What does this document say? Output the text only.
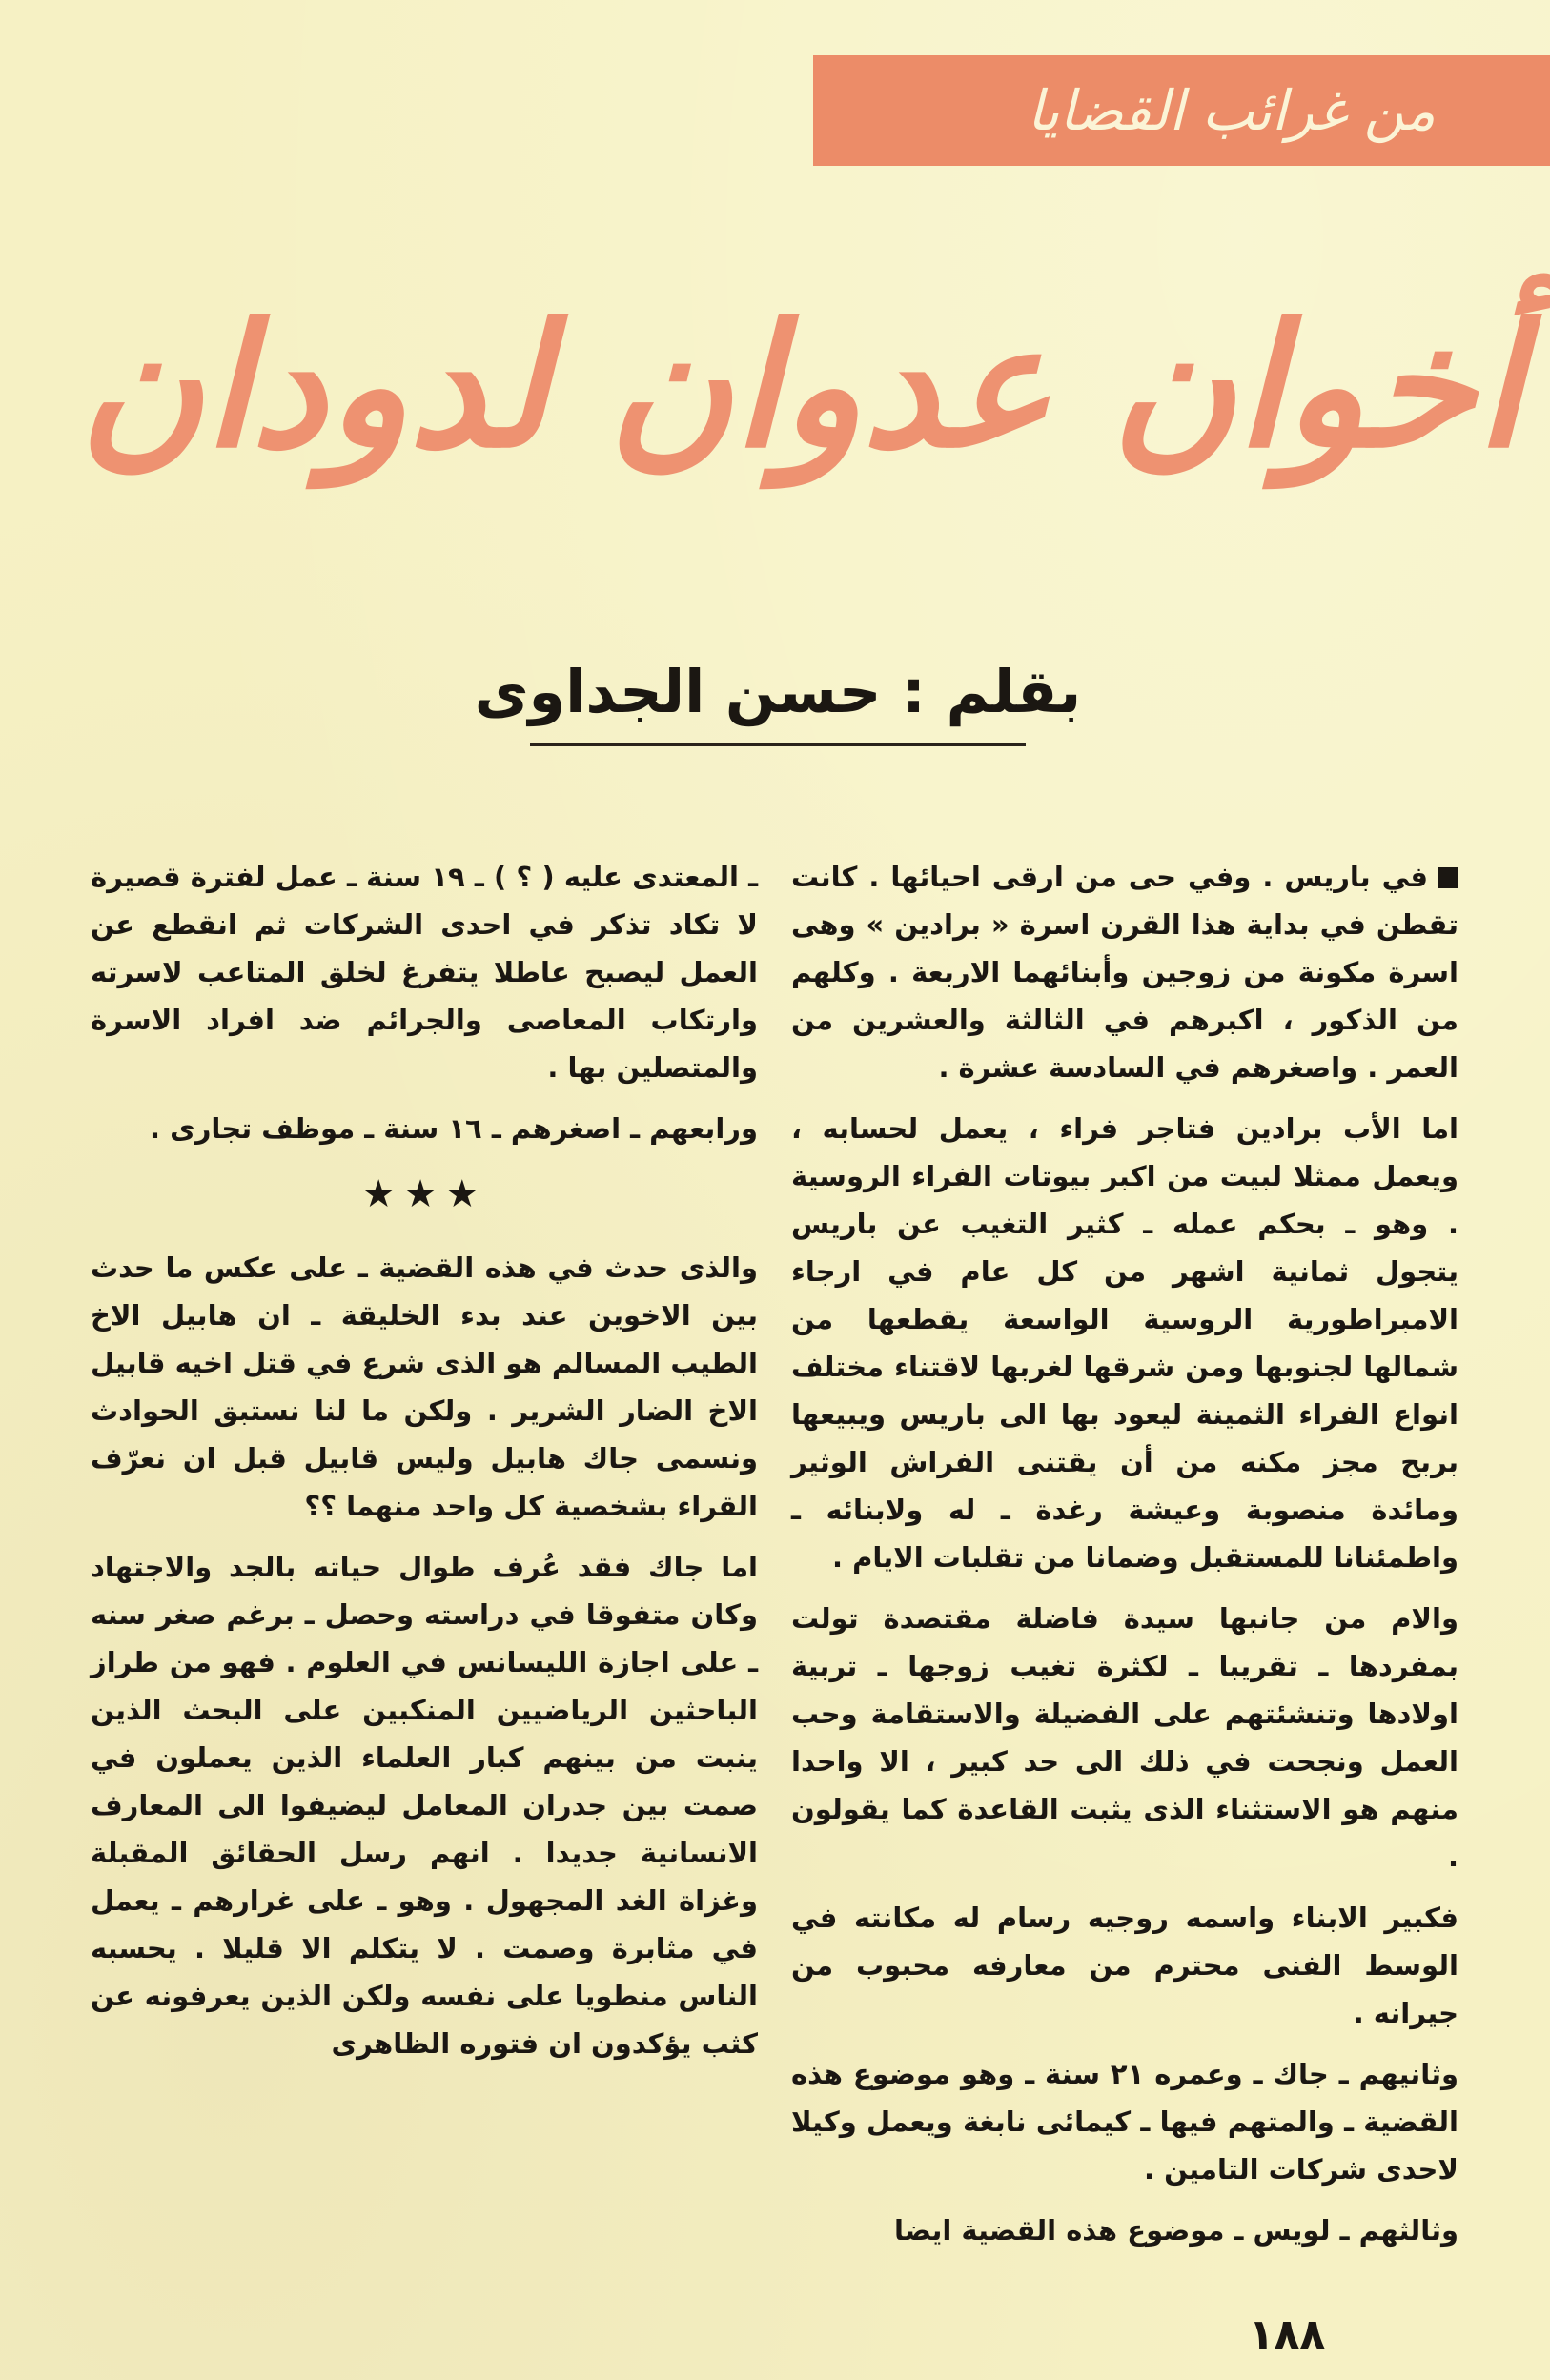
من غرائب القضايا
أخوان عدوان لدودان
بقلم : حسن الجداوى

في باريس . وفي حى من ارقى احيائها . كانت تقطن في بداية هذا القرن اسرة « برادين » وهى اسرة مكونة من زوجين وأبنائهما الاربعة . وكلهم من الذكور ، اكبرهم في الثالثة والعشرين من العمر . واصغرهم في السادسة عشرة .

اما الأب برادين فتاجر فراء ، يعمل لحسابه ، ويعمل ممثلا لبيت من اكبر بيوتات الفراء الروسية . وهو ـ بحكم عمله ـ كثير التغيب عن باريس يتجول ثمانية اشهر من كل عام في ارجاء الامبراطورية الروسية الواسعة يقطعها من شمالها لجنوبها ومن شرقها لغربها لاقتناء مختلف انواع الفراء الثمينة ليعود بها الى باريس ويبيعها بربح مجز مكنه من أن يقتنى الفراش الوثير ومائدة منصوبة وعيشة رغدة ـ له ولابنائه ـ واطمئنانا للمستقبل وضمانا من تقلبات الايام .

والام من جانبها سيدة فاضلة مقتصدة تولت بمفردها ـ تقريبا ـ لكثرة تغيب زوجها ـ تربية اولادها وتنشئتهم على الفضيلة والاستقامة وحب العمل ونجحت في ذلك الى حد كبير ، الا واحدا منهم هو الاستثناء الذى يثبت القاعدة كما يقولون .

فكبير الابناء واسمه روجيه رسام له مكانته في الوسط الفنى محترم من معارفه محبوب من جيرانه .

وثانيهم ـ جاك ـ وعمره ٢١ سنة ـ وهو موضوع هذه القضية ـ والمتهم فيها ـ كيمائى نابغة ويعمل وكيلا لاحدى شركات التامين .

وثالثهم ـ لويس ـ موضوع هذه القضية ايضا

ـ المعتدى عليه ( ؟ ) ـ ١٩ سنة ـ عمل لفترة قصيرة لا تكاد تذكر في احدى الشركات ثم انقطع عن العمل ليصبح عاطلا يتفرغ لخلق المتاعب لاسرته وارتكاب المعاصى والجرائم ضد افراد الاسرة والمتصلين بها .

ورابعهم ـ اصغرهم ـ ١٦ سنة ـ موظف تجارى .

★★★

والذى حدث في هذه القضية ـ على عكس ما حدث بين الاخوين عند بدء الخليقة ـ ان هابيل الاخ الطيب المسالم هو الذى شرع في قتل اخيه قابيل الاخ الضار الشرير . ولكن ما لنا نستبق الحوادث ونسمى جاك هابيل وليس قابيل قبل ان نعرّف القراء بشخصية كل واحد منهما ؟؟

اما جاك فقد عُرف طوال حياته بالجد والاجتهاد وكان متفوقا في دراسته وحصل ـ برغم صغر سنه ـ على اجازة الليسانس في العلوم . فهو من طراز الباحثين الرياضيين المنكبين على البحث الذين ينبت من بينهم كبار العلماء الذين يعملون في صمت بين جدران المعامل ليضيفوا الى المعارف الانسانية جديدا . انهم رسل الحقائق المقبلة وغزاة الغد المجهول . وهو ـ على غرارهم ـ يعمل في مثابرة وصمت . لا يتكلم الا قليلا . يحسبه الناس منطويا على نفسه ولكن الذين يعرفونه عن كثب يؤكدون ان فتوره الظاهرى

١٨٨
